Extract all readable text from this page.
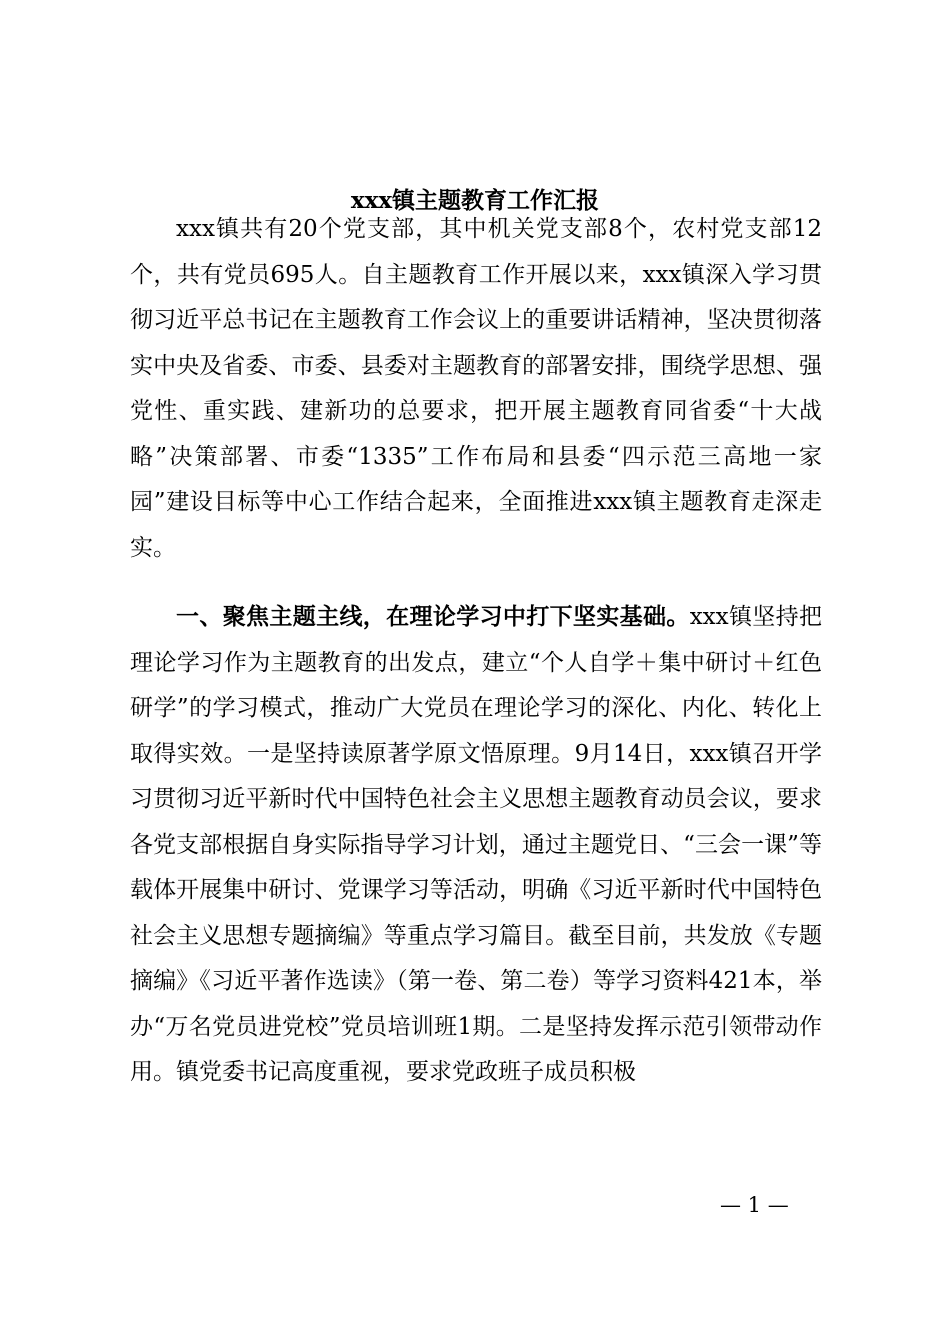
xxx镇主题教育工作汇报

xxx镇共有20个党支部，其中机关党支部8个，农村党支部12个，共有党员695人。自主题教育工作开展以来，xxx镇深入学习贯彻习近平总书记在主题教育工作会议上的重要讲话精神，坚决贯彻落实中央及省委、市委、县委对主题教育的部署安排，围绕学思想、强党性、重实践、建新功的总要求，把开展主题教育同省委“十大战略”决策部署、市委“1335”工作布局和县委“四示范三高地一家园”建设目标等中心工作结合起来，全面推进xxx镇主题教育走深走实。

一、聚焦主题主线，在理论学习中打下坚实基础。xxx镇坚持把理论学习作为主题教育的出发点，建立“个人自学＋集中研讨＋红色研学”的学习模式，推动广大党员在理论学习的深化、内化、转化上取得实效。一是坚持读原著学原文悟原理。9月14日，xxx镇召开学习贯彻习近平新时代中国特色社会主义思想主题教育动员会议，要求各党支部根据自身实际指导学习计划，通过主题党日、“三会一课”等载体开展集中研讨、党课学习等活动，明确《习近平新时代中国特色社会主义思想专题摘编》等重点学习篇目。截至目前，共发放《专题摘编》《习近平著作选读》（第一卷、第二卷）等学习资料421本，举办“万名党员进党校”党员培训班1期。二是坚持发挥示范引领带动作用。镇党委书记高度重视，要求党政班子成员积极

— 1 —
